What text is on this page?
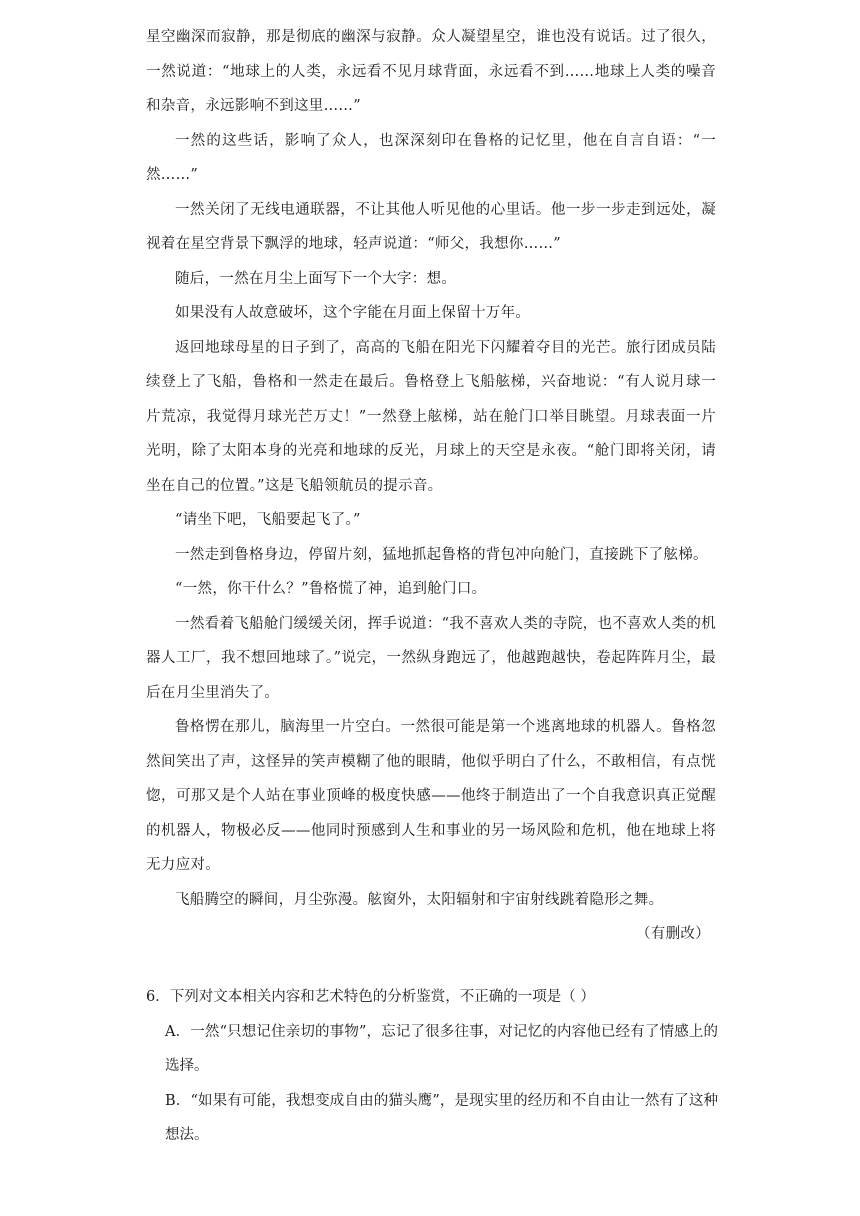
星空幽深而寂静，那是彻底的幽深与寂静。众人凝望星空，谁也没有说话。过了很久，一然说道：“地球上的人类，永远看不见月球背面，永远看不到……地球上人类的噪音和杂音，永远影响不到这里……”

一然的这些话，影响了众人，也深深刻印在鲁格的记忆里，他在自言自语：“一然……”

一然关闭了无线电通联器，不让其他人听见他的心里话。他一步一步走到远处，凝视着在星空背景下飘浮的地球，轻声说道：“师父，我想你……”

随后，一然在月尘上面写下一个大字：想。

如果没有人故意破坏，这个字能在月面上保留十万年。

返回地球母星的日子到了，高高的飞船在阳光下闪耀着夺目的光芒。旅行团成员陆续登上了飞船，鲁格和一然走在最后。鲁格登上飞船舷梯，兴奋地说：“有人说月球一片荒凉，我觉得月球光芒万丈！”一然登上舷梯，站在舱门口举目眺望。月球表面一片光明，除了太阳本身的光亮和地球的反光，月球上的天空是永夜。“舱门即将关闭，请坐在自己的位置。”这是飞船领航员的提示音。

“请坐下吧，飞船要起飞了。”

一然走到鲁格身边，停留片刻，猛地抓起鲁格的背包冲向舱门，直接跳下了舷梯。

“一然，你干什么？”鲁格慌了神，追到舱门口。

一然看着飞船舱门缓缓关闭，挥手说道：“我不喜欢人类的寺院，也不喜欢人类的机器人工厂，我不想回地球了。”说完，一然纵身跑远了，他越跑越快，卷起阵阵月尘，最后在月尘里消失了。

鲁格愣在那儿，脑海里一片空白。一然很可能是第一个逃离地球的机器人。鲁格忽然间笑出了声，这怪异的笑声模糊了他的眼睛，他似乎明白了什么，不敢相信，有点恍惚，可那又是个人站在事业顶峰的极度快感——他终于制造出了一个自我意识真正觉醒的机器人，物极必反——他同时预感到人生和事业的另一场风险和危机，他在地球上将无力应对。

飞船腾空的瞬间，月尘弥漫。舷窗外，太阳辐射和宇宙射线跳着隐形之舞。

（有删改）

6．下列对文本相关内容和艺术特色的分析鉴赏，不正确的一项是（ ）

A．一然“只想记住亲切的事物”，忘记了很多往事，对记忆的内容他已经有了情感上的选择。

B．“如果有可能，我想变成自由的猫头鹰”，是现实里的经历和不自由让一然有了这种想法。
